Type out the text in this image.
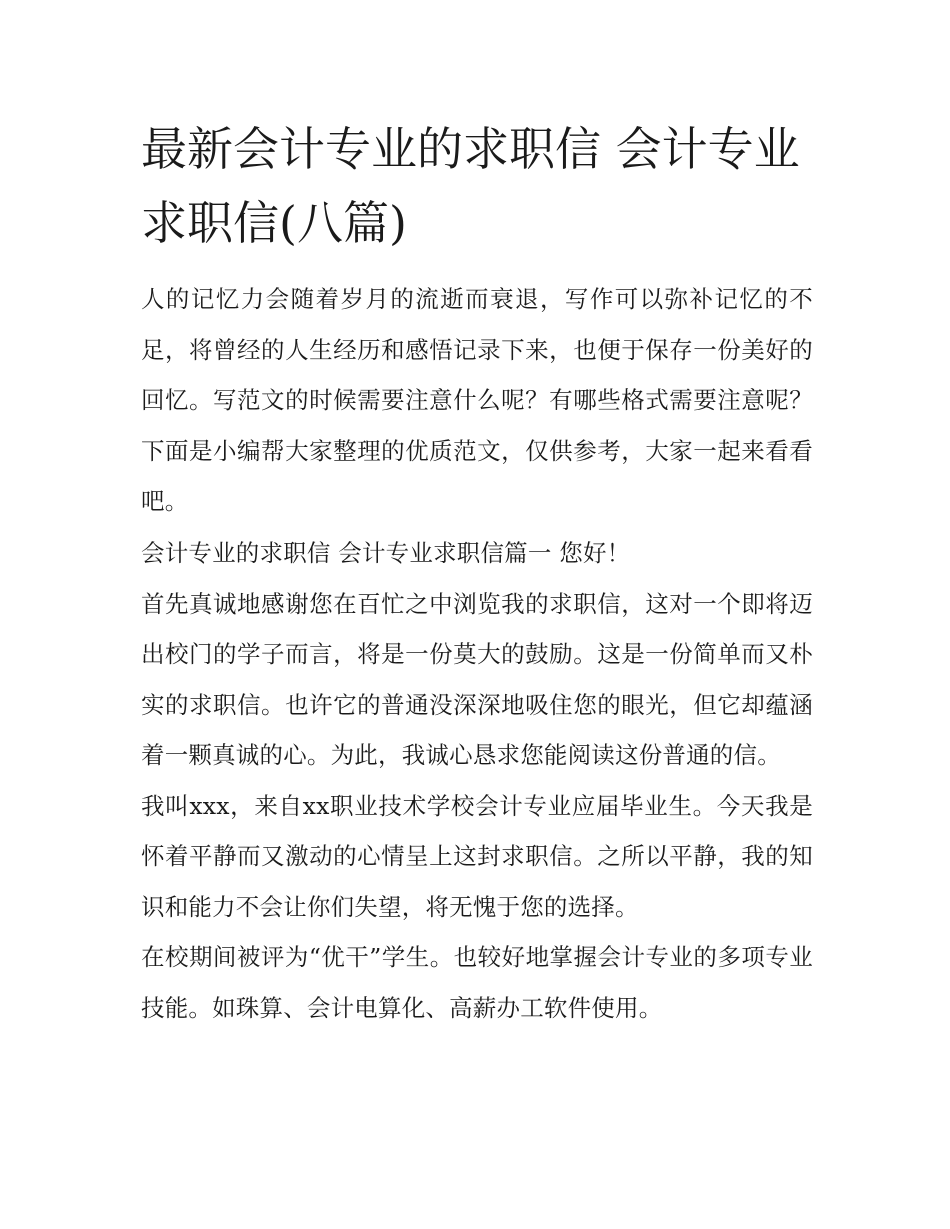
最新会计专业的求职信 会计专业求职信(八篇)

人的记忆力会随着岁月的流逝而衰退，写作可以弥补记忆的不足，将曾经的人生经历和感悟记录下来，也便于保存一份美好的回忆。写范文的时候需要注意什么呢？有哪些格式需要注意呢？下面是小编帮大家整理的优质范文，仅供参考，大家一起来看看吧。

会计专业的求职信 会计专业求职信篇一 您好！

首先真诚地感谢您在百忙之中浏览我的求职信，这对一个即将迈出校门的学子而言，将是一份莫大的鼓励。这是一份简单而又朴实的求职信。也许它的普通没深深地吸住您的眼光，但它却蕴涵着一颗真诚的心。为此，我诚心恳求您能阅读这份普通的信。

我叫xxx，来自xx职业技术学校会计专业应届毕业生。今天我是怀着平静而又激动的心情呈上这封求职信。之所以平静，我的知识和能力不会让你们失望，将无愧于您的选择。

在校期间被评为“优干”学生。也较好地掌握会计专业的多项专业技能。如珠算、会计电算化、高薪办工软件使用。
